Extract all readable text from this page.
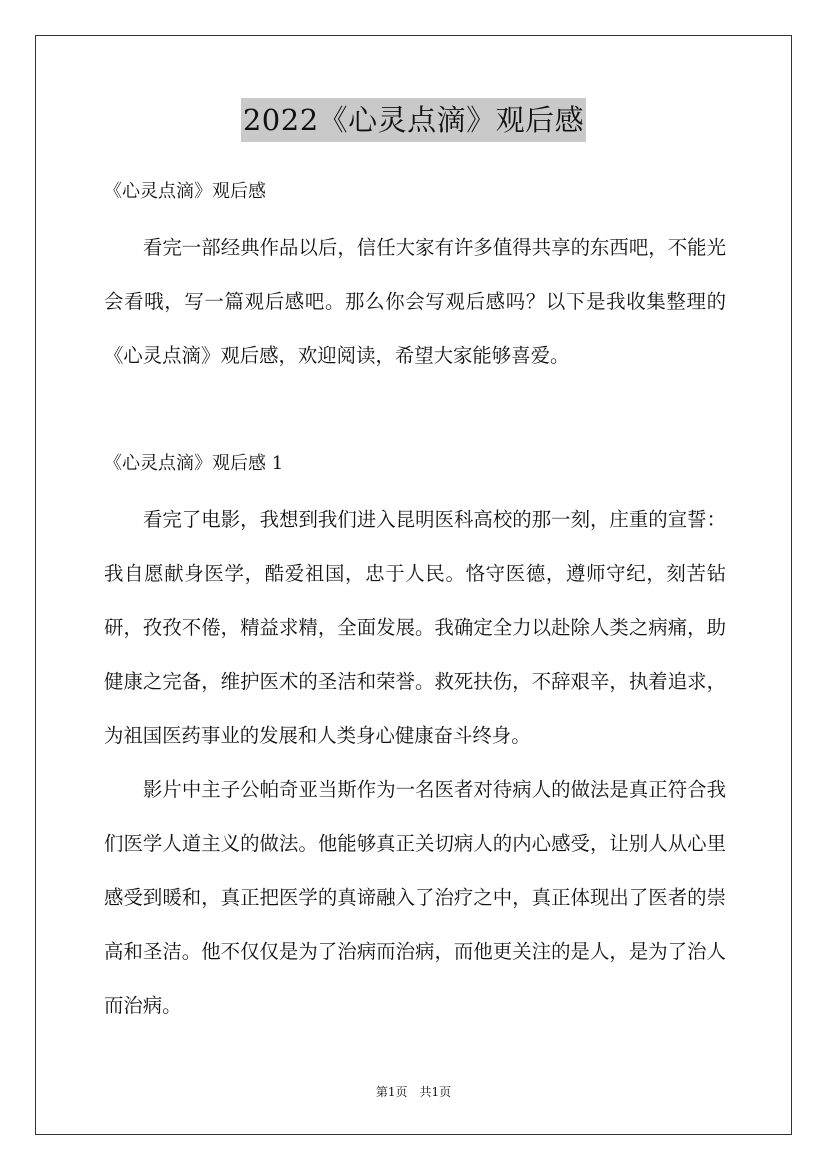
2022《心灵点滴》观后感
《心灵点滴》观后感

看完一部经典作品以后，信任大家有许多值得共享的东西吧，不能光会看哦，写一篇观后感吧。那么你会写观后感吗？以下是我收集整理的《心灵点滴》观后感，欢迎阅读，希望大家能够喜爱。

《心灵点滴》观后感 1

看完了电影，我想到我们进入昆明医科高校的那一刻，庄重的宣誓：我自愿献身医学，酷爱祖国，忠于人民。恪守医德，遵师守纪，刻苦钻研，孜孜不倦，精益求精，全面发展。我确定全力以赴除人类之病痛，助健康之完备，维护医术的圣洁和荣誉。救死扶伤，不辞艰辛，执着追求，为祖国医药事业的发展和人类身心健康奋斗终身。

影片中主子公帕奇亚当斯作为一名医者对待病人的做法是真正符合我们医学人道主义的做法。他能够真正关切病人的内心感受，让别人从心里感受到暖和，真正把医学的真谛融入了治疗之中，真正体现出了医者的崇高和圣洁。他不仅仅是为了治病而治病，而他更关注的是人，是为了治人而治病。

第1页　共1页
